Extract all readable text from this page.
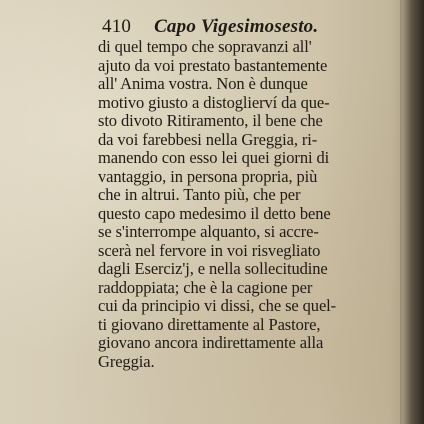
410 Capo Vigesimosesto.
di quel tempo che sopravanzi all'
ajuto da voi prestato bastantemente
all' Anima vostra. Non è dunque
motivo giusto a distoglierví da que-
sto divoto Ritiramento, il bene che
da voi farebbesi nella Greggia, ri-
manendo con esso lei quei giorni di
vantaggio, in persona propria, più
che in altrui. Tanto più, che per
questo capo medesimo il detto bene
se s'interrompe alquanto, si accre-
scerà nel fervore in voi risvegliato
dagli Eserciz'j, e nella sollecitudine
raddoppiata; che è la cagione per
cui da principio vi dissi, che se quel-
ti giovano direttamente al Pastore,
giovano ancora indirettamente alla
Greggia.
